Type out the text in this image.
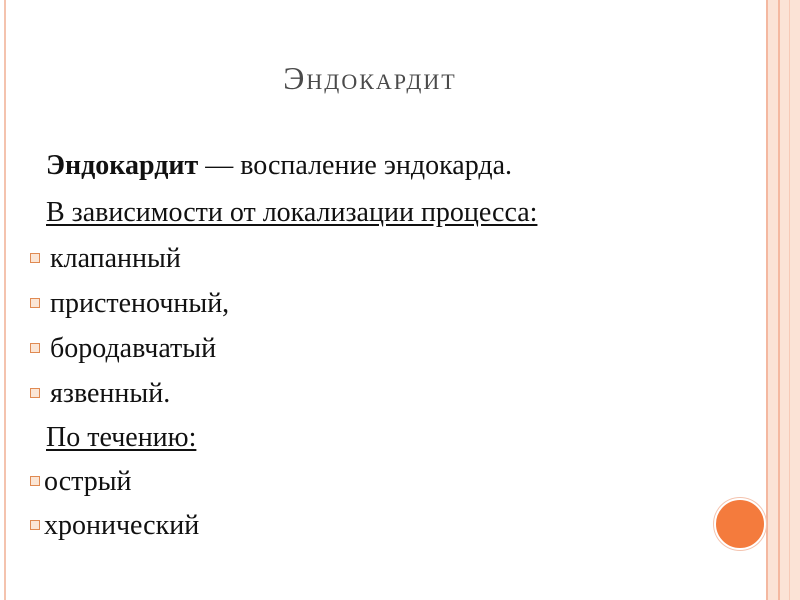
Эндокардит
Эндокардит — воспаление эндокарда.
В зависимости от локализации процесса:
клапанный
пристеночный,
бородавчатый
язвенный.
По течению:
острый
хронический
